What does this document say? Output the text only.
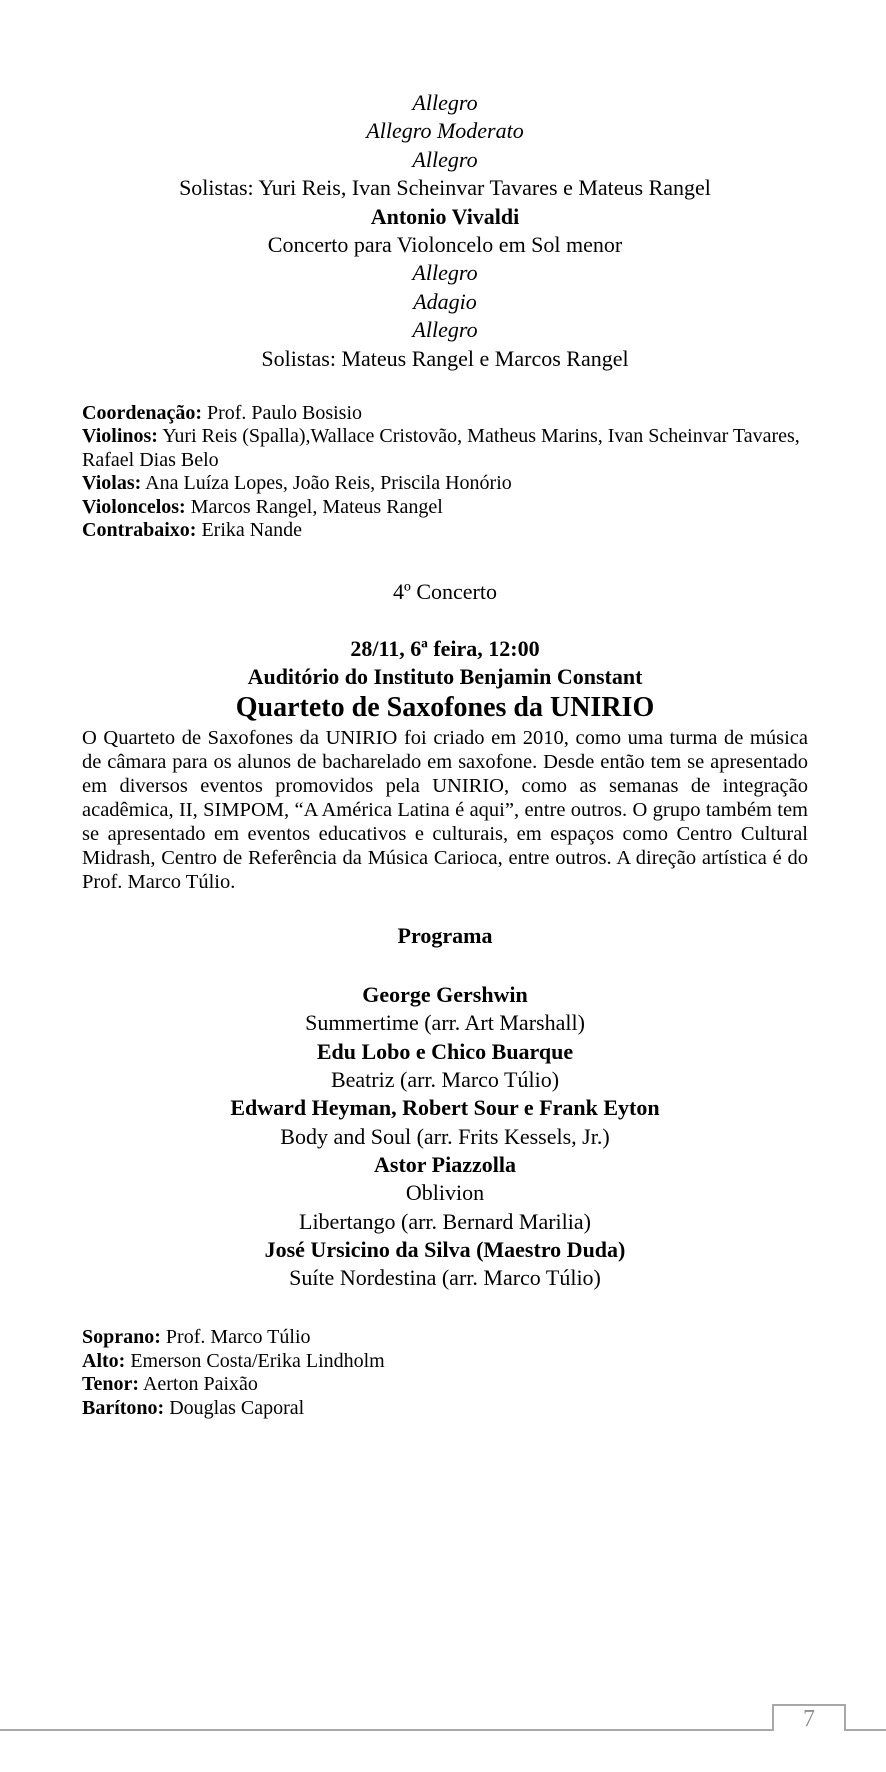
Allegro
Allegro Moderato
Allegro
Solistas: Yuri Reis, Ivan Scheinvar Tavares e Mateus Rangel
Antonio Vivaldi
Concerto para Violoncelo em Sol menor
Allegro
Adagio
Allegro
Solistas: Mateus Rangel e Marcos Rangel
Coordenação: Prof. Paulo Bosisio
Violinos: Yuri Reis (Spalla),Wallace Cristovão, Matheus Marins, Ivan Scheinvar Tavares, Rafael Dias Belo
Violas: Ana Luíza Lopes, João Reis, Priscila Honório
Violoncelos: Marcos Rangel, Mateus Rangel
Contrabaixo: Erika Nande
4º Concerto
28/11, 6ª feira, 12:00
Auditório do Instituto Benjamin Constant
Quarteto de Saxofones da UNIRIO

O Quarteto de Saxofones da UNIRIO foi criado em 2010, como uma turma de música de câmara para os alunos de bacharelado em saxofone. Desde então tem se apresentado em diversos eventos promovidos pela UNIRIO, como as semanas de integração acadêmica, II, SIMPOM, “A América Latina é aqui”, entre outros. O grupo também tem se apresentado em eventos educativos e culturais, em espaços como Centro Cultural Midrash, Centro de Referência da Música Carioca, entre outros. A direção artística é do Prof. Marco Túlio.

Programa
George Gershwin
Summertime (arr. Art Marshall)
Edu Lobo e Chico Buarque
Beatriz (arr. Marco Túlio)
Edward Heyman, Robert Sour e Frank Eyton
Body and Soul (arr. Frits Kessels, Jr.)
Astor Piazzolla
Oblivion
Libertango (arr. Bernard Marilia)
José Ursicino da Silva (Maestro Duda)
Suíte Nordestina (arr. Marco Túlio)
Soprano: Prof. Marco Túlio
Alto: Emerson Costa/Erika Lindholm
Tenor: Aerton Paixão
Barítono: Douglas Caporal
7
